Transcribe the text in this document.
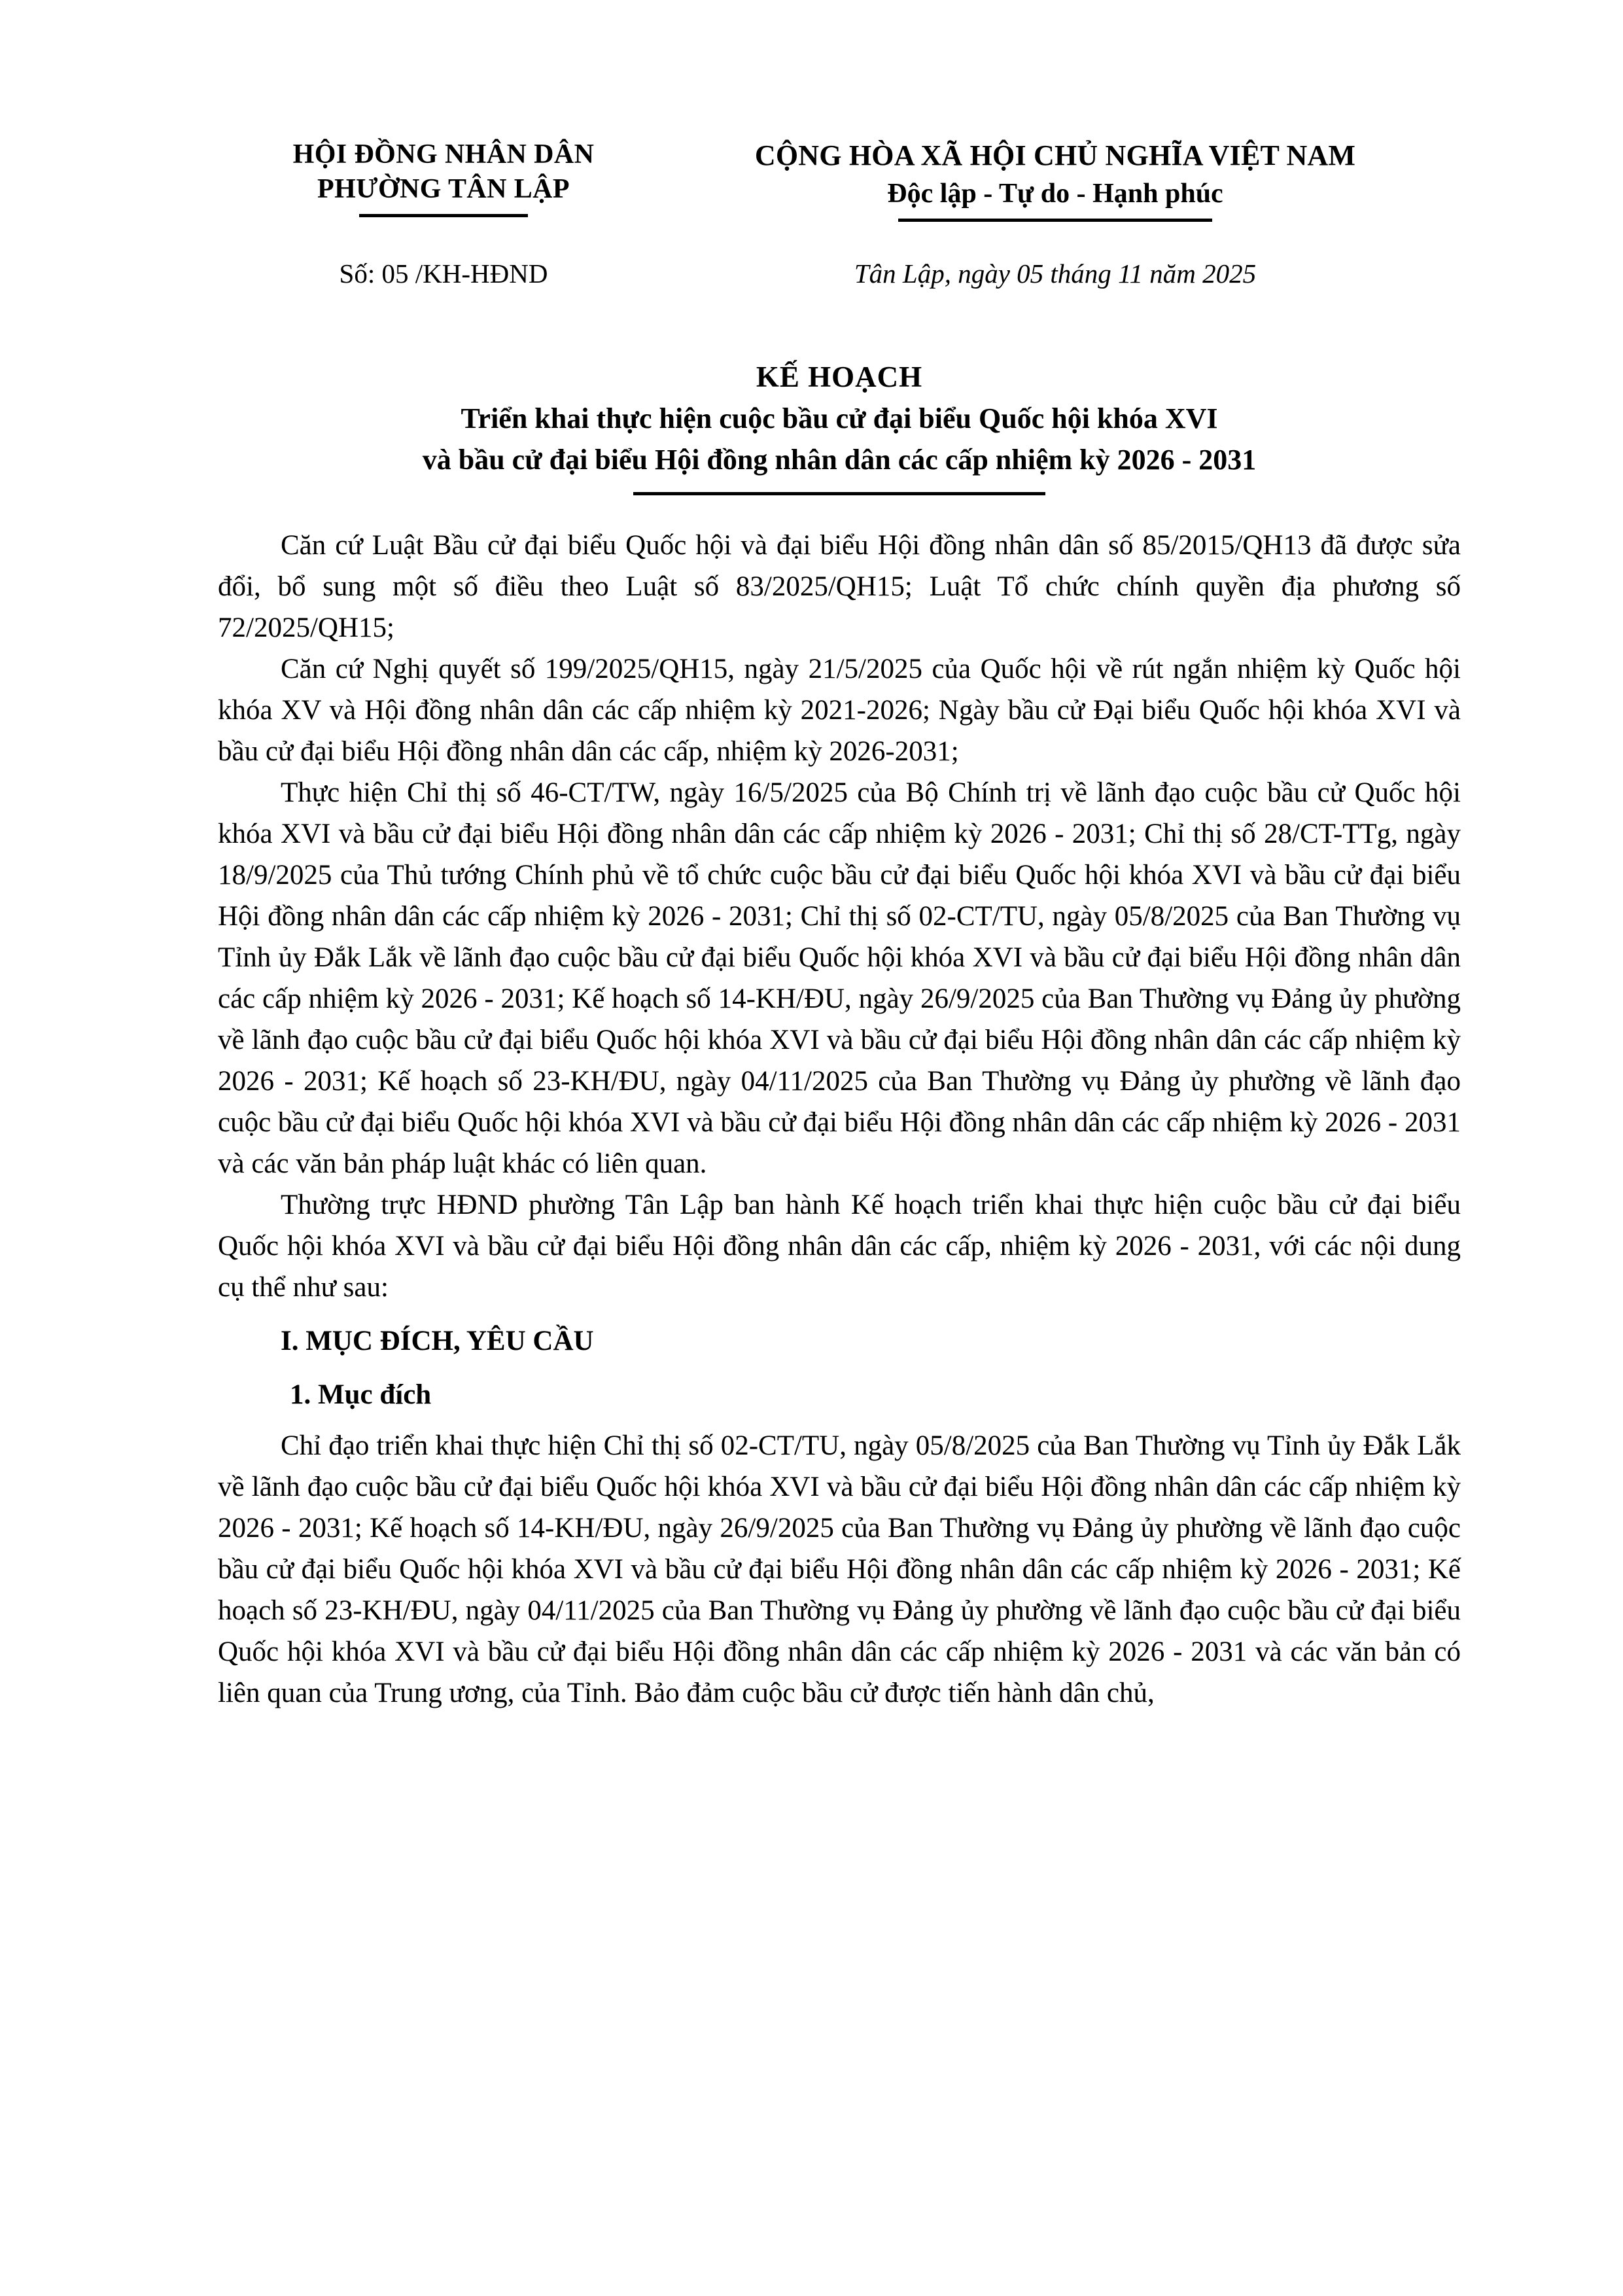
HỘI ĐỒNG NHÂN DÂN
PHƯỜNG TÂN LẬP
CỘNG HÒA XÃ HỘI CHỦ NGHĨA VIỆT NAM
Độc lập - Tự do - Hạnh phúc
Số: 05 /KH-HĐND	Tân Lập, ngày 05 tháng 11 năm 2025
KẾ HOẠCH
Triển khai thực hiện cuộc bầu cử đại biểu Quốc hội khóa XVI
và bầu cử đại biểu Hội đồng nhân dân các cấp nhiệm kỳ 2026 - 2031

Căn cứ Luật Bầu cử đại biểu Quốc hội và đại biểu Hội đồng nhân dân số 85/2015/QH13 đã được sửa đổi, bổ sung một số điều theo Luật số 83/2025/QH15; Luật Tổ chức chính quyền địa phương số 72/2025/QH15;

Căn cứ Nghị quyết số 199/2025/QH15, ngày 21/5/2025 của Quốc hội về rút ngắn nhiệm kỳ Quốc hội khóa XV và Hội đồng nhân dân các cấp nhiệm kỳ 2021-2026; Ngày bầu cử Đại biểu Quốc hội khóa XVI và bầu cử đại biểu Hội đồng nhân dân các cấp, nhiệm kỳ 2026-2031;

Thực hiện Chỉ thị số 46-CT/TW, ngày 16/5/2025 của Bộ Chính trị về lãnh đạo cuộc bầu cử Quốc hội khóa XVI và bầu cử đại biểu Hội đồng nhân dân các cấp nhiệm kỳ 2026 - 2031; Chỉ thị số 28/CT-TTg, ngày 18/9/2025 của Thủ tướng Chính phủ về tổ chức cuộc bầu cử đại biểu Quốc hội khóa XVI và bầu cử đại biểu Hội đồng nhân dân các cấp nhiệm kỳ 2026 - 2031; Chỉ thị số 02-CT/TU, ngày 05/8/2025 của Ban Thường vụ Tỉnh ủy Đắk Lắk về lãnh đạo cuộc bầu cử đại biểu Quốc hội khóa XVI và bầu cử đại biểu Hội đồng nhân dân các cấp nhiệm kỳ 2026 - 2031; Kế hoạch số 14-KH/ĐU, ngày 26/9/2025 của Ban Thường vụ Đảng ủy phường về lãnh đạo cuộc bầu cử đại biểu Quốc hội khóa XVI và bầu cử đại biểu Hội đồng nhân dân các cấp nhiệm kỳ 2026 - 2031; Kế hoạch số 23-KH/ĐU, ngày 04/11/2025 của Ban Thường vụ Đảng ủy phường về lãnh đạo cuộc bầu cử đại biểu Quốc hội khóa XVI và bầu cử đại biểu Hội đồng nhân dân các cấp nhiệm kỳ 2026 - 2031 và các văn bản pháp luật khác có liên quan.

Thường trực HĐND phường Tân Lập ban hành Kế hoạch triển khai thực hiện cuộc bầu cử đại biểu Quốc hội khóa XVI và bầu cử đại biểu Hội đồng nhân dân các cấp, nhiệm kỳ 2026 - 2031, với các nội dung cụ thể như sau:

I. MỤC ĐÍCH, YÊU CẦU
1. Mục đích

Chỉ đạo triển khai thực hiện Chỉ thị số 02-CT/TU, ngày 05/8/2025 của Ban Thường vụ Tỉnh ủy Đắk Lắk về lãnh đạo cuộc bầu cử đại biểu Quốc hội khóa XVI và bầu cử đại biểu Hội đồng nhân dân các cấp nhiệm kỳ 2026 - 2031; Kế hoạch số 14-KH/ĐU, ngày 26/9/2025 của Ban Thường vụ Đảng ủy phường về lãnh đạo cuộc bầu cử đại biểu Quốc hội khóa XVI và bầu cử đại biểu Hội đồng nhân dân các cấp nhiệm kỳ 2026 - 2031; Kế hoạch số 23-KH/ĐU, ngày 04/11/2025 của Ban Thường vụ Đảng ủy phường về lãnh đạo cuộc bầu cử đại biểu Quốc hội khóa XVI và bầu cử đại biểu Hội đồng nhân dân các cấp nhiệm kỳ 2026 - 2031 và các văn bản có liên quan của Trung ương, của Tỉnh. Bảo đảm cuộc bầu cử được tiến hành dân chủ,
